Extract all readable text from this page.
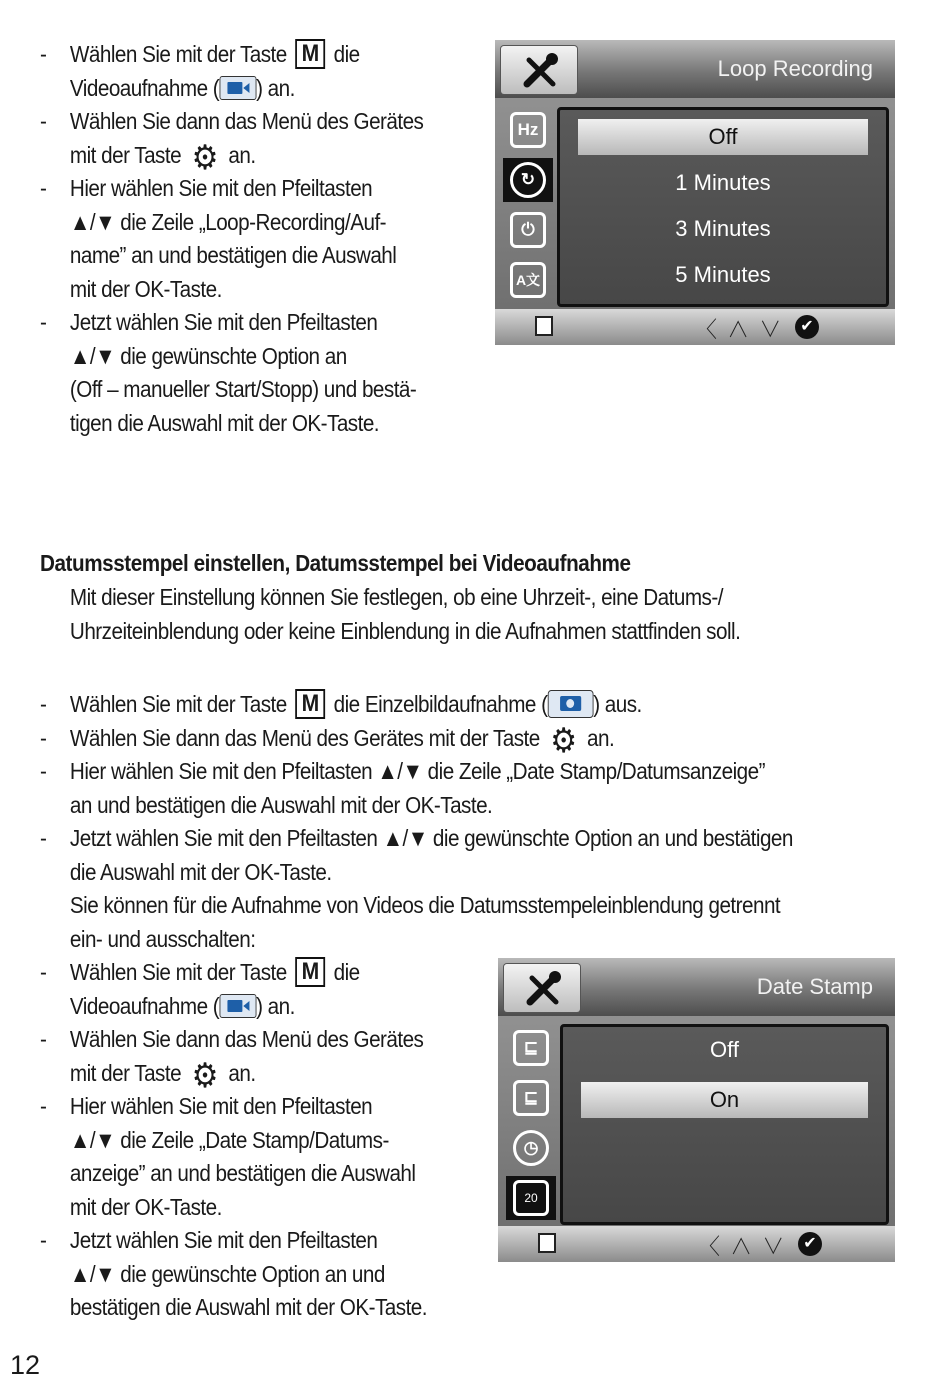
- Wählen Sie mit der Taste M die
Videoaufnahme ( ) an.
- Wählen Sie dann das Menü des Gerätes
mit der Taste ⚙ an.
- Hier wählen Sie mit den Pfeiltasten
▲/▼ die Zeile „Loop-Recording/Auf-
name” an und bestätigen die Auswahl
mit der OK-Taste.
- Jetzt wählen Sie mit den Pfeiltasten
▲/▼ die gewünschte Option an
(Off – manueller Start/Stopp) und bestä-
tigen die Auswahl mit der OK-Taste.
Loop Recording
Hz
↻
⏻
A文
Off
1 Minutes
3 Minutes
5 Minutes
〈 ∧ ∨	✔
Datumsstempel einstellen, Datumsstempel bei Videoaufnahme
Mit dieser Einstellung können Sie festlegen, ob eine Uhrzeit-, eine Datums-/
Uhrzeiteinblendung oder keine Einblendung in die Aufnahmen stattfinden soll.
- Wählen Sie mit der Taste M die Einzelbildaufnahme ( ) aus.
- Wählen Sie dann das Menü des Gerätes mit der Taste ⚙ an.
- Hier wählen Sie mit den Pfeiltasten ▲/▼ die Zeile „Date Stamp/Datumsanzeige”
an und bestätigen die Auswahl mit der OK-Taste.
- Jetzt wählen Sie mit den Pfeiltasten ▲/▼ die gewünschte Option an und bestätigen
die Auswahl mit der OK-Taste.
Sie können für die Aufnahme von Videos die Datumsstempeleinblendung getrennt
ein- und ausschalten:
- Wählen Sie mit der Taste M die
Videoaufnahme ( ) an.
- Wählen Sie dann das Menü des Gerätes
mit der Taste ⚙ an.
- Hier wählen Sie mit den Pfeiltasten
▲/▼ die Zeile „Date Stamp/Datums-
anzeige” an und bestätigen die Auswahl
mit der OK-Taste.
- Jetzt wählen Sie mit den Pfeiltasten
▲/▼ die gewünschte Option an und
bestätigen die Auswahl mit der OK-Taste.
Date Stamp
⊑
⊑
◷
20
Off
On
〈 ∧ ∨	✔
12
